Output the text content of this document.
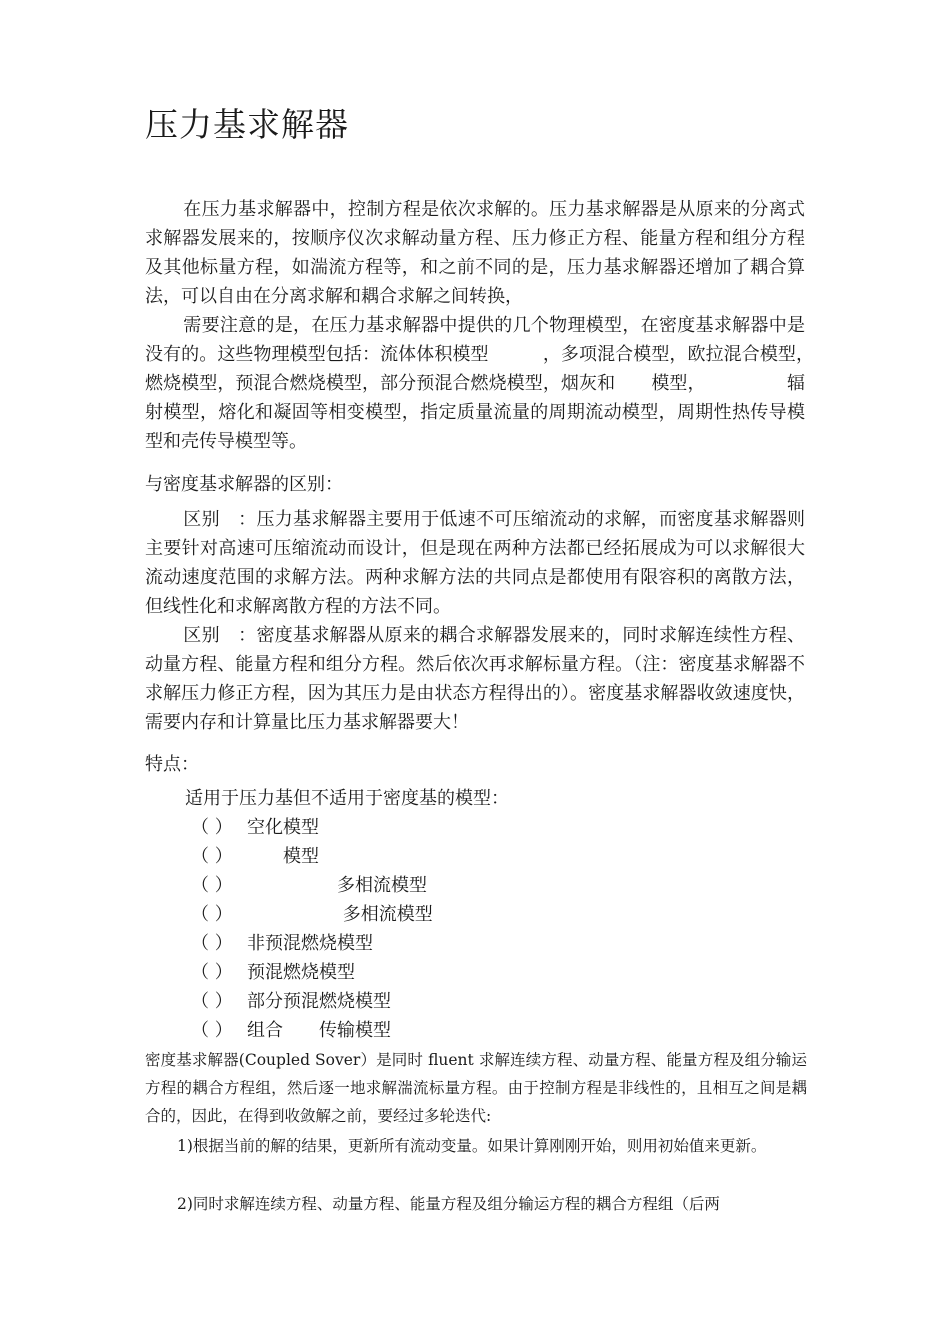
压力基求解器

在压力基求解器中，控制方程是依次求解的。压力基求解器是从原来的分离式求解器发展来的，按顺序仪次求解动量方程、压力修正方程、能量方程和组分方程及其他标量方程，如湍流方程等，和之前不同的是，压力基求解器还增加了耦合算法，可以自由在分离求解和耦合求解之间转换，

需要注意的是，在压力基求解器中提供的几个物理模型，在密度基求解器中是没有的。这些物理模型包括：流体体积模型　　　，多项混合模型，欧拉混合模型，　　燃烧模型，预混合燃烧模型，部分预混合燃烧模型，烟灰和　　模型，　　　　　辐射模型，熔化和凝固等相变模型，指定质量流量的周期流动模型，周期性热传导模型和壳传导模型等。

与密度基求解器的区别：

区别　：压力基求解器主要用于低速不可压缩流动的求解，而密度基求解器则主要针对高速可压缩流动而设计，但是现在两种方法都已经拓展成为可以求解很大流动速度范围的求解方法。两种求解方法的共同点是都使用有限容积的离散方法，但线性化和求解离散方程的方法不同。

区别　：密度基求解器从原来的耦合求解器发展来的，同时求解连续性方程、动量方程、能量方程和组分方程。然后依次再求解标量方程。（注：密度基求解器不求解压力修正方程，因为其压力是由状态方程得出的）。密度基求解器收敛速度快，需要内存和计算量比压力基求解器要大！

特点：
适用于压力基但不适用于密度基的模型：
（ ） 空化模型
（ ）　　模型
（ ）　　　　　多相流模型
（ ）　　　　　 多相流模型
（ ） 非预混燃烧模型
（ ） 预混燃烧模型
（ ） 部分预混燃烧模型
（ ） 组合　　传输模型

密度基求解器(Coupled Sover）是同时 fluent 求解连续方程、动量方程、能量方程及组分输运方程的耦合方程组，然后逐一地求解湍流标量方程。由于控制方程是非线性的，且相互之间是耦合的，因此，在得到收敛解之前，要经过多轮迭代:

1)根据当前的解的结果，更新所有流动变量。如果计算刚刚开始，则用初始值来更新。

2)同时求解连续方程、动量方程、能量方程及组分输运方程的耦合方程组（后两
